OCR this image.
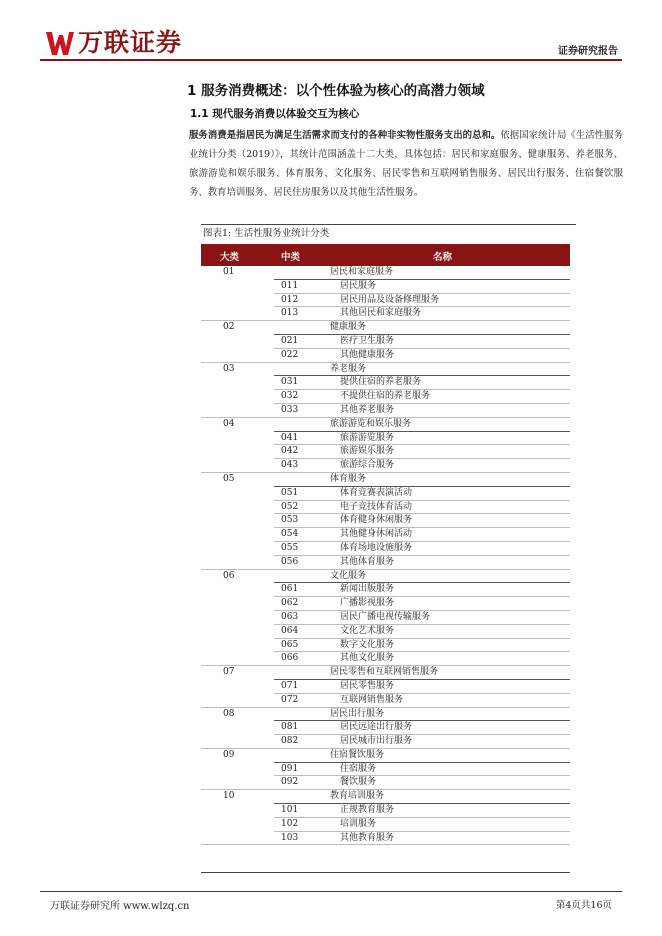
万联证券	证券研究报告
1 服务消费概述：以个性体验为核心的高潜力领域
1.1 现代服务消费以体验交互为核心
服务消费是指居民为满足生活需求而支付的各种非实物性服务支出的总和。依据国家统计局《生活性服务业统计分类（2019）》，其统计范围涵盖十二大类，具体包括：居民和家庭服务、健康服务、养老服务、旅游游览和娱乐服务、体育服务、文化服务、居民零售和互联网销售服务、居民出行服务、住宿餐饮服务、教育培训服务、居民住房服务以及其他生活性服务。
图表1: 生活性服务业统计分类
大类	中类	名称
01	居民和家庭服务
011	居民服务
012	居民用品及设备修理服务
013	其他居民和家庭服务
02	健康服务
021	医疗卫生服务
022	其他健康服务
03	养老服务
031	提供住宿的养老服务
032	不提供住宿的养老服务
033	其他养老服务
04	旅游游览和娱乐服务
041	旅游游览服务
042	旅游娱乐服务
043	旅游综合服务
05	体育服务
051	体育竞赛表演活动
052	电子竞技体育活动
053	体育健身休闲服务
054	其他健身休闲活动
055	体育场地设施服务
056	其他体育服务
06	文化服务
061	新闻出版服务
062	广播影视服务
063	居民广播电视传输服务
064	文化艺术服务
065	数字文化服务
066	其他文化服务
07	居民零售和互联网销售服务
071	居民零售服务
072	互联网销售服务
08	居民出行服务
081	居民远途出行服务
082	居民城市出行服务
09	住宿餐饮服务
091	住宿服务
092	餐饮服务
10	教育培训服务
101	正规教育服务
102	培训服务
103	其他教育服务
万联证券研究所 www.wlzq.cn	第4页共16页
